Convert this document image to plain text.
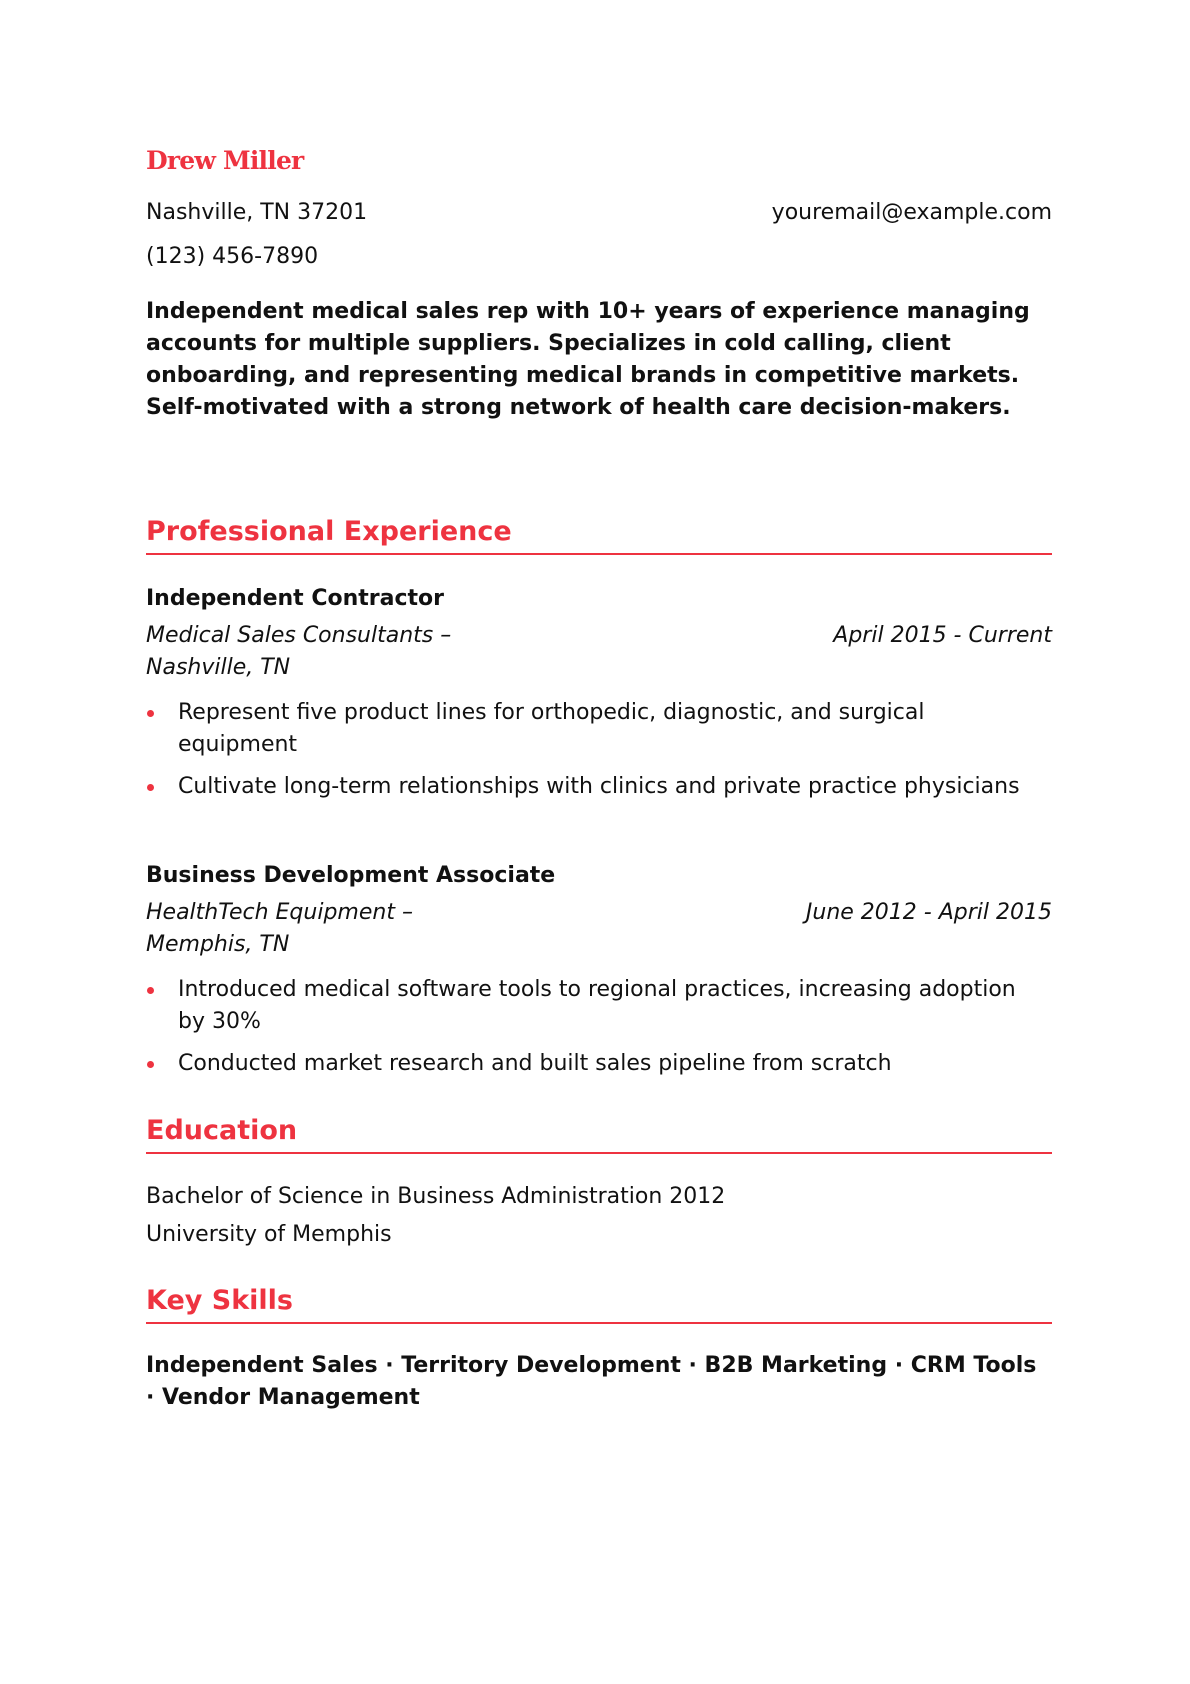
Drew Miller
Nashville, TN 37201	youremail@example.com
(123) 456-7890
Independent medical sales rep with 10+ years of experience managing accounts for multiple suppliers. Specializes in cold calling, client onboarding, and representing medical brands in competitive markets. Self-motivated with a strong network of health care decision-makers.
Professional Experience
Independent Contractor
Medical Sales Consultants – Nashville, TN
April 2015 - Current
Represent five product lines for orthopedic, diagnostic, and surgical equipment
Cultivate long-term relationships with clinics and private practice physicians
Business Development Associate
HealthTech Equipment – Memphis, TN
June 2012 - April 2015
Introduced medical software tools to regional practices, increasing adoption by 30%
Conducted market research and built sales pipeline from scratch
Education
Bachelor of Science in Business Administration 2012
University of Memphis
Key Skills
Independent Sales · Territory Development · B2B Marketing · CRM Tools · Vendor Management
